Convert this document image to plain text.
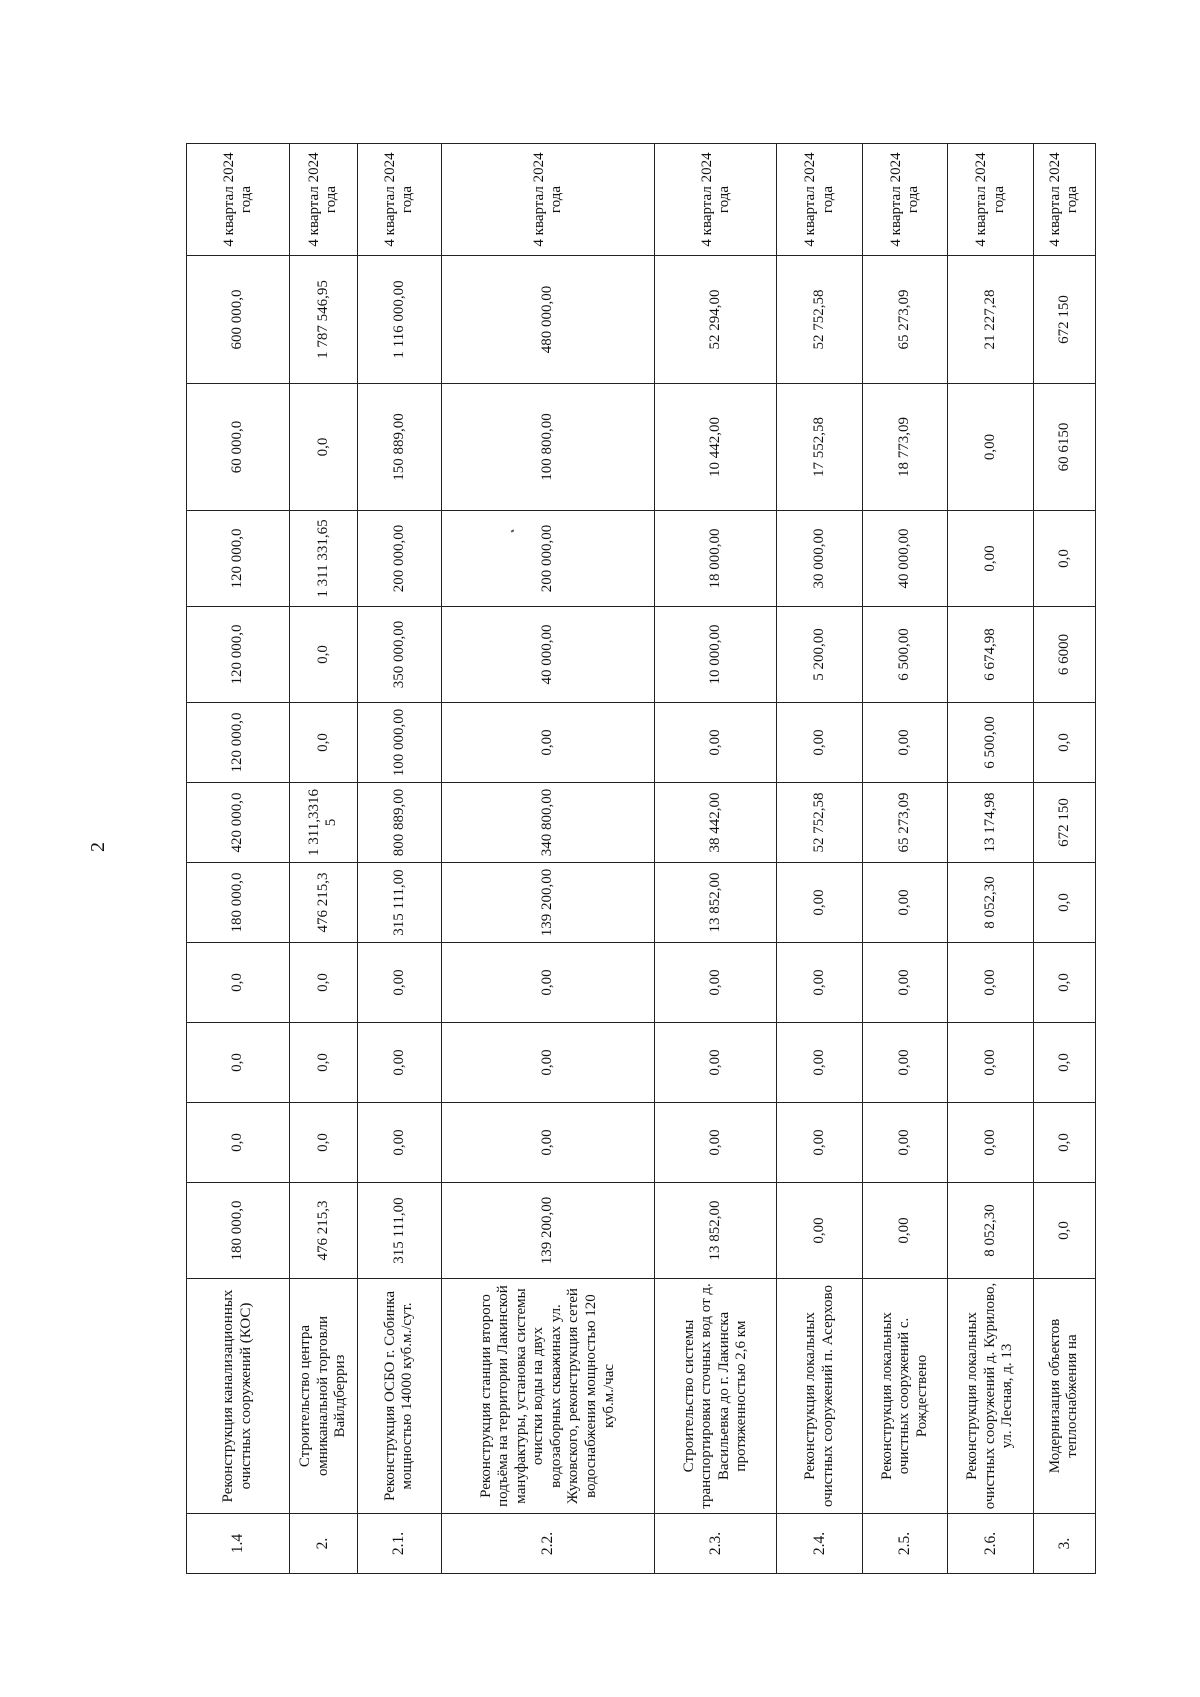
2
1.4	Реконструкция канализационных очистных сооружений (КОС)	180 000,0	0,0	0,0	0,0	180 000,0	420 000,0	120 000,0	120 000,0	120 000,0	60 000,0	600 000,0	4 квартал 2024 года
2.	Строительство центра омниканальной торговли Вайлдберриз	476 215,3	0,0	0,0	0,0	476 215,3	1 311,3316 5	0,0	0,0	1 311 331,65	0,0	1 787 546,95	4 квартал 2024 года
2.1.	Реконструкция ОСБО г. Собинка мощностью 14000 куб.м./сут.	315 111,00	0,00	0,00	0,00	315 111,00	800 889,00	100 000,00	350 000,00	200 000,00	150 889,00	1 116 000,00	4 квартал 2024 года
2.2.	Реконструкция станции второго подъёма на территории Лакинской мануфактуры, установка системы очистки воды на двух водозаборных скважинах ул. Жуковского, реконструкция сетей водоснабжения мощностью 120 куб.м./час	139 200,00	0,00	0,00	0,00	139 200,00	340 800,00	0,00	40 000,00	200 000,00	100 800,00	480 000,00	4 квартал 2024 года
2.3.	Строительство системы транспортировки сточных вод от д. Васильевка до г. Лакинска протяженностью 2,6 км	13 852,00	0,00	0,00	0,00	13 852,00	38 442,00	0,00	10 000,00	18 000,00	10 442,00	52 294,00	4 квартал 2024 года
2.4.	Реконструкция локальных очистных сооружений п. Асерхово	0,00	0,00	0,00	0,00	0,00	52 752,58	0,00	5 200,00	30 000,00	17 552,58	52 752,58	4 квартал 2024 года
2.5.	Реконструкция локальных очистных сооружений с. Рождествено	0,00	0,00	0,00	0,00	0,00	65 273,09	0,00	6 500,00	40 000,00	18 773,09	65 273,09	4 квартал 2024 года
2.6.	Реконструкция локальных очистных сооружений д. Курилово, ул. Лесная, д. 13	8 052,30	0,00	0,00	0,00	8 052,30	13 174,98	6 500,00	6 674,98	0,00	0,00	21 227,28	4 квартал 2024 года
3.	Модернизация объектов теплоснабжения на	0,0	0,0	0,0	0,0	0,0	672 150	0,0	6 6000	0,0	60 6150	672 150	4 квартал 2024 года
